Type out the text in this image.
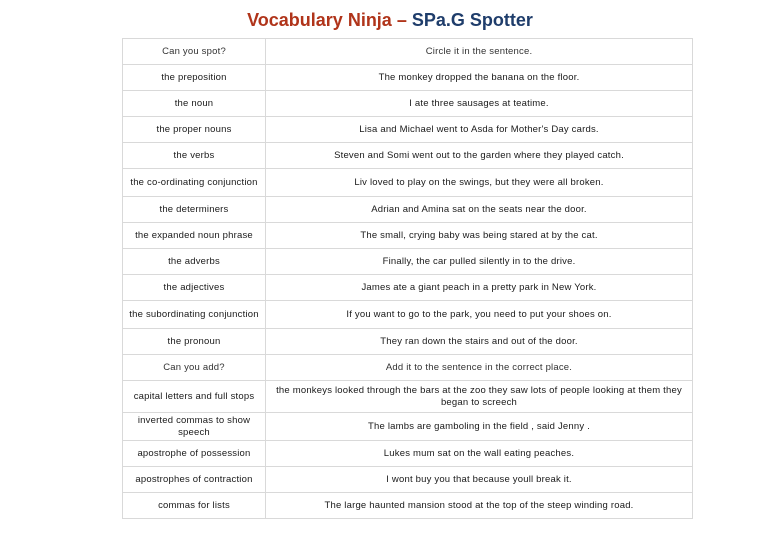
Vocabulary Ninja – SPa.G Spotter
Can you spot?	Circle it in the sentence.
the preposition	The monkey dropped the banana on the floor.
the noun	I ate three sausages at teatime.
the proper nouns	Lisa and Michael went to Asda for Mother's Day cards.
the verbs	Steven and Somi went out to the garden where they played catch.
the co-ordinating conjunction	Liv loved to play on the swings, but they were all broken.
the determiners	Adrian and Amina sat on the seats near the door.
the expanded noun phrase	The small, crying baby was being stared at by the cat.
the adverbs	Finally, the car pulled silently in to the drive.
the adjectives	James ate a giant peach in a pretty park in New York.
the subordinating conjunction	If you want to go to the park, you need to put your shoes on.
the pronoun	They ran down the stairs and out of the door.
Can you add?	Add it to the sentence in the correct place.
capital letters and full stops	the monkeys looked through the bars at the zoo they saw lots of people looking at them they began to screech
inverted commas to show speech	The lambs are gamboling in the field , said Jenny .
apostrophe of possession	Lukes mum sat on the wall eating peaches.
apostrophes of contraction	I wont buy you that because youll break it.
commas for lists	The large haunted mansion stood at the top of the steep winding road.
